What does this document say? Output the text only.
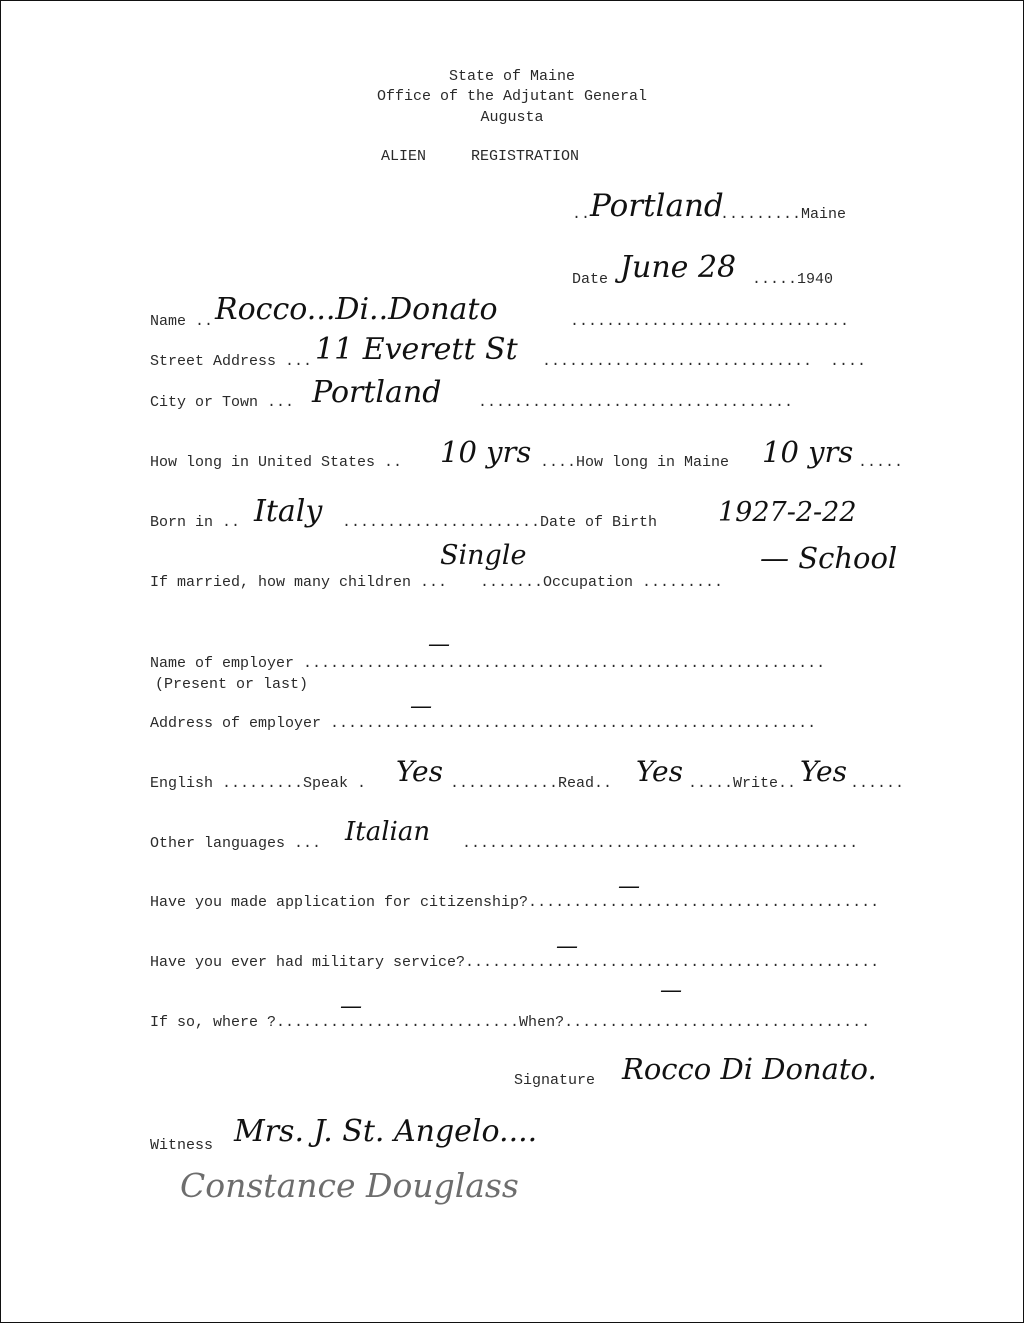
State of Maine
Office of the Adjutant General
Augusta
ALIEN     REGISTRATION
.. Portland
.........Maine
Date June 28 .....1940
Name .. Rocco...Di..Donato	...............................
Street Address ... 11 Everett St ..............................  ....
City or Town ... Portland ...................................
How long in United States .. 10 yrs ....How long in Maine 10 yrs .....
Born in .. Italy ......................Date of Birth 1927-2-22
If married, how many children ...
Single
.......Occupation .........
— School
Name of employer ..........................................................
(Present or last)
—
Address of employer ......................................................
—
English .........Speak . Yes ............Read.. Yes .....Write.. Yes ......
Other languages ... Italian ............................................
Have you made application for citizenship?.......................................
—
Have you ever had military service?..............................................
—
If so, where ?...........................When?..................................
—
—
Signature Rocco Di Donato.
Witness Mrs. J. St. Angelo....
Constance Douglass
